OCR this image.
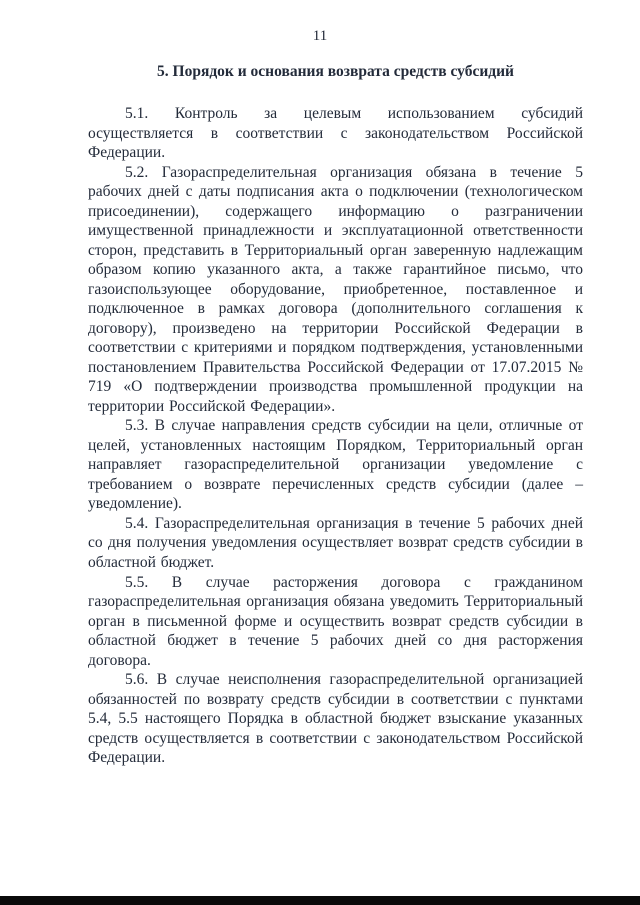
11
5. Порядок и основания возврата средств субсидий

5.1. Контроль за целевым использованием субсидий осуществляется в соответствии с законодательством Российской Федерации.

5.2. Газораспределительная организация обязана в течение 5 рабочих дней с даты подписания акта о подключении (технологическом присоединении), содержащего информацию о разграничении имущественной принадлежности и эксплуатационной ответственности сторон, представить в Территориальный орган заверенную надлежащим образом копию указанного акта, а также гарантийное письмо, что газоиспользующее оборудование, приобретенное, поставленное и подключенное в рамках договора (дополнительного соглашения к договору), произведено на территории Российской Федерации в соответствии с критериями и порядком подтверждения, установленными постановлением Правительства Российской Федерации от 17.07.2015 № 719 «О подтверждении производства промышленной продукции на территории Российской Федерации».

5.3. В случае направления средств субсидии на цели, отличные от целей, установленных настоящим Порядком, Территориальный орган направляет газораспределительной организации уведомление с требованием о возврате перечисленных средств субсидии (далее – уведомление).

5.4. Газораспределительная организация в течение 5 рабочих дней со дня получения уведомления осуществляет возврат средств субсидии в областной бюджет.

5.5. В случае расторжения договора с гражданином газораспределительная организация обязана уведомить Территориальный орган в письменной форме и осуществить возврат средств субсидии в областной бюджет в течение 5 рабочих дней со дня расторжения договора.

5.6. В случае неисполнения газораспределительной организацией обязанностей по возврату средств субсидии в соответствии с пунктами 5.4, 5.5 настоящего Порядка в областной бюджет взыскание указанных средств осуществляется в соответствии с законодательством Российской Федерации.
